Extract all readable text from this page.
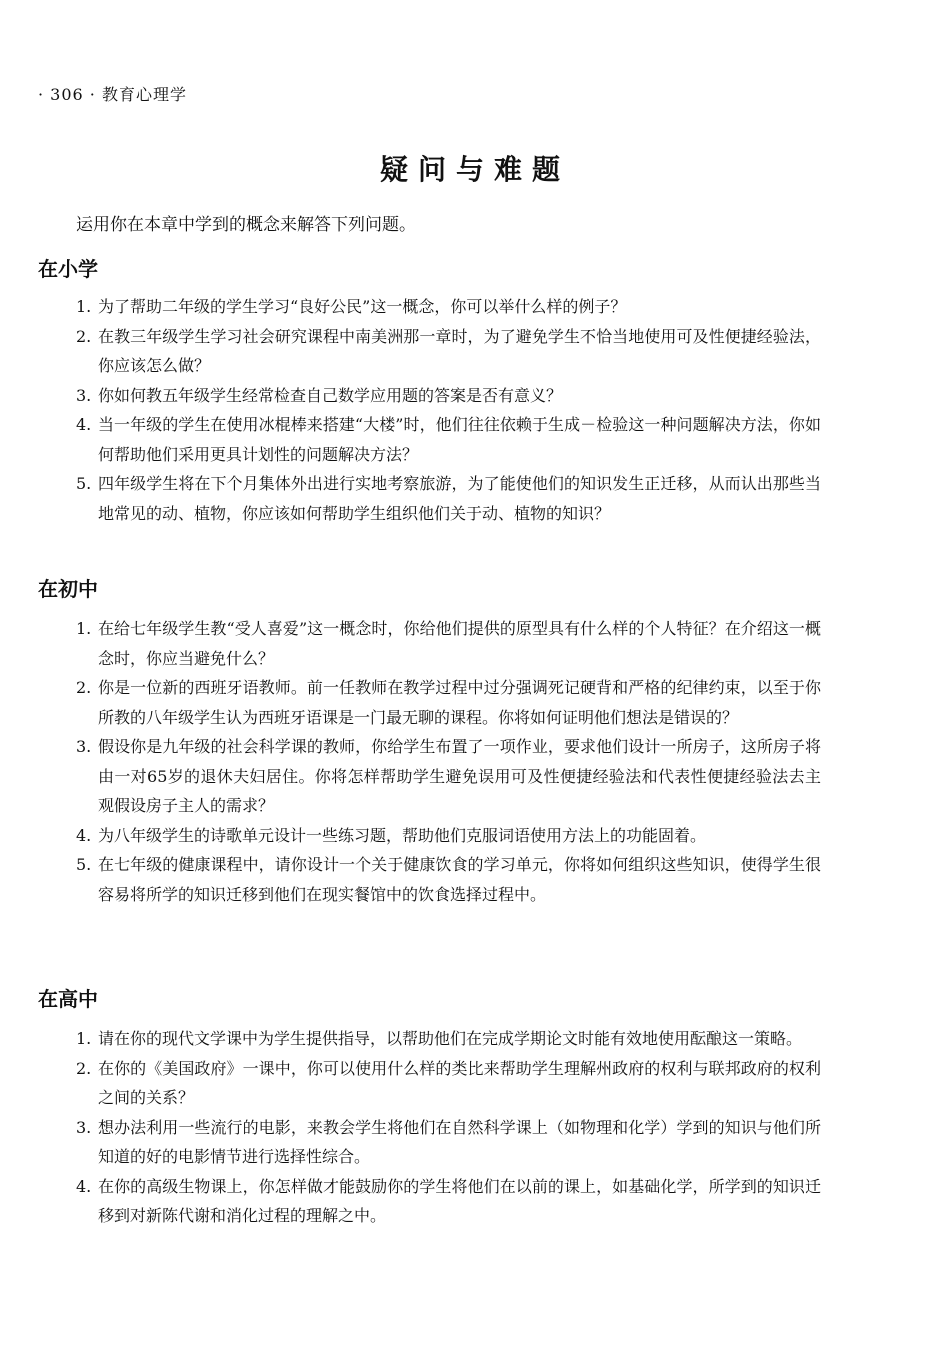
· 306 · 教育心理学
疑问与难题
运用你在本章中学到的概念来解答下列问题。
在小学
1. 为了帮助二年级的学生学习“良好公民”这一概念，你可以举什么样的例子？
2. 在教三年级学生学习社会研究课程中南美洲那一章时，为了避免学生不恰当地使用可及性便捷经验法，你应该怎么做？
3. 你如何教五年级学生经常检查自己数学应用题的答案是否有意义？
4. 当一年级的学生在使用冰棍棒来搭建“大楼”时，他们往往依赖于生成－检验这一种问题解决方法，你如何帮助他们采用更具计划性的问题解决方法？
5. 四年级学生将在下个月集体外出进行实地考察旅游，为了能使他们的知识发生正迁移，从而认出那些当地常见的动、植物，你应该如何帮助学生组织他们关于动、植物的知识？
在初中
1. 在给七年级学生教“受人喜爱”这一概念时，你给他们提供的原型具有什么样的个人特征？在介绍这一概念时，你应当避免什么？
2. 你是一位新的西班牙语教师。前一任教师在教学过程中过分强调死记硬背和严格的纪律约束，以至于你所教的八年级学生认为西班牙语课是一门最无聊的课程。你将如何证明他们想法是错误的？
3. 假设你是九年级的社会科学课的教师，你给学生布置了一项作业，要求他们设计一所房子，这所房子将由一对65岁的退休夫妇居住。你将怎样帮助学生避免误用可及性便捷经验法和代表性便捷经验法去主观假设房子主人的需求？
4. 为八年级学生的诗歌单元设计一些练习题，帮助他们克服词语使用方法上的功能固着。
5. 在七年级的健康课程中，请你设计一个关于健康饮食的学习单元，你将如何组织这些知识，使得学生很容易将所学的知识迁移到他们在现实餐馆中的饮食选择过程中。
在高中
1. 请在你的现代文学课中为学生提供指导，以帮助他们在完成学期论文时能有效地使用酝酿这一策略。
2. 在你的《美国政府》一课中，你可以使用什么样的类比来帮助学生理解州政府的权利与联邦政府的权利之间的关系？
3. 想办法利用一些流行的电影，来教会学生将他们在自然科学课上（如物理和化学）学到的知识与他们所知道的好的电影情节进行选择性综合。
4. 在你的高级生物课上，你怎样做才能鼓励你的学生将他们在以前的课上，如基础化学，所学到的知识迁移到对新陈代谢和消化过程的理解之中。
